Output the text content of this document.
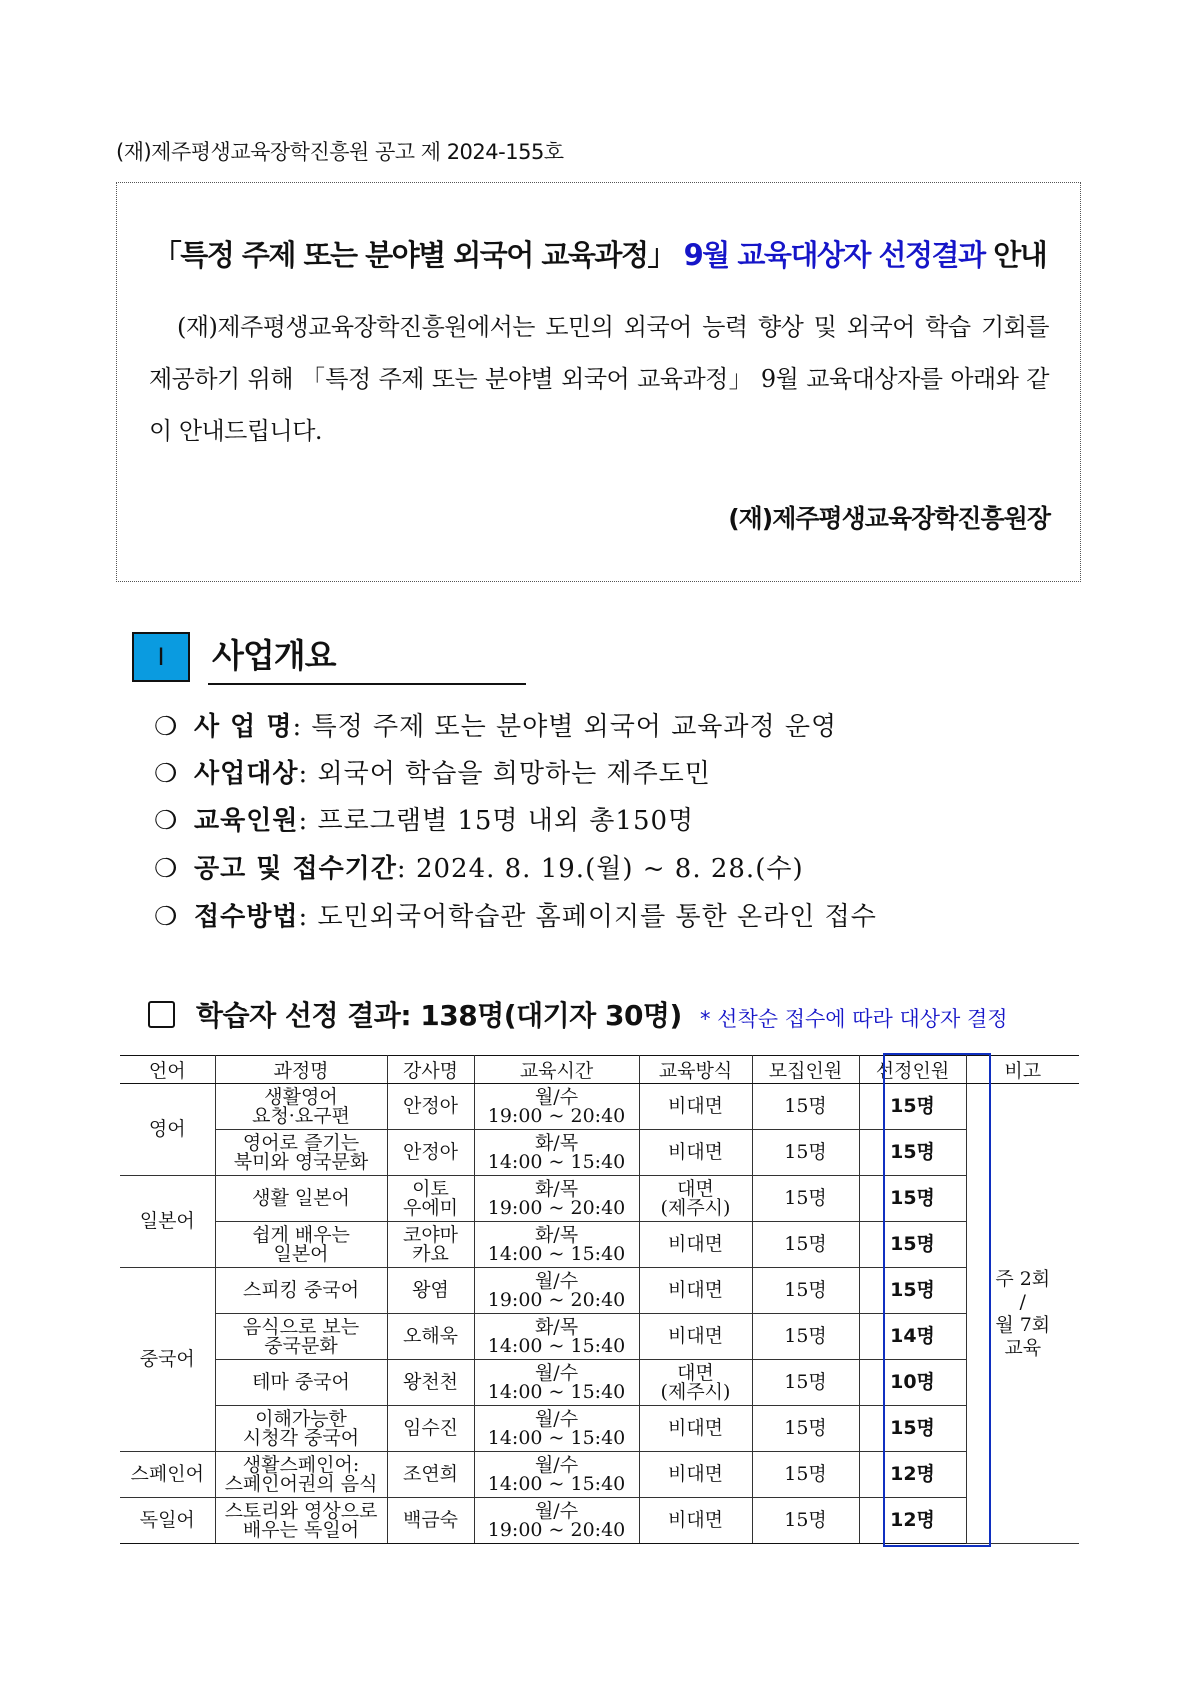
(재)제주평생교육장학진흥원 공고 제 2024-155호
「특정 주제 또는 분야별 외국어 교육과정」 9월 교육대상자 선정결과 안내
(재)제주평생교육장학진흥원에서는 도민의 외국어 능력 향상 및 외국어 학습 기회를 제공하기 위해 「특정 주제 또는 분야별 외국어 교육과정」 9월 교육대상자를 아래와 같이 안내드립니다.
(재)제주평생교육장학진흥원장
Ⅰ	사업개요
❍ 사 업 명: 특정 주제 또는 분야별 외국어 교육과정 운영
❍ 사업대상: 외국어 학습을 희망하는 제주도민
❍ 교육인원: 프로그램별 15명 내외 총150명
❍ 공고 및 접수기간: 2024. 8. 19.(월) ~ 8. 28.(수)
❍ 접수방법: 도민외국어학습관 홈페이지를 통한 온라인 접수
학습자 선정 결과: 138명(대기자 30명) * 선착순 접수에 따라 대상자 결정
언어	과정명	강사명	교육시간	교육방식	모집인원	선정인원	비고
영어	생활영어
요청·요구편	안정아	월/수
19:00 ~ 20:40	비대면	15명	15명	주 2회
/
월 7회
교육

	영어로 즐기는
북미와 영국문화	안정아	화/목
14:00 ~ 15:40	비대면	15명	15명	
일본어	생활 일본어	이토
우에미	화/목
19:00 ~ 20:40	대면
(제주시)	15명	15명	

	쉽게 배우는
일본어	코야마
카요	화/목
14:00 ~ 15:40	비대면	15명	15명	
중국어	스피킹 중국어	왕염	월/수
19:00 ~ 20:40	비대면	15명	15명	

	음식으로 보는
중국문화	오해욱	화/목
14:00 ~ 15:40	비대면	15명	14명	

	테마 중국어	왕천천	월/수
14:00 ~ 15:40	대면
(제주시)	15명	10명	

	이해가능한
시청각 중국어	임수진	월/수
14:00 ~ 15:40	비대면	15명	15명	
스페인어	생활스페인어:
스페인어권의 음식	조연희	월/수
14:00 ~ 15:40	비대면	15명	12명	
독일어	스토리와 영상으로
배우는 독일어	백금숙	월/수
19:00 ~ 20:40	비대면	15명	12명	
